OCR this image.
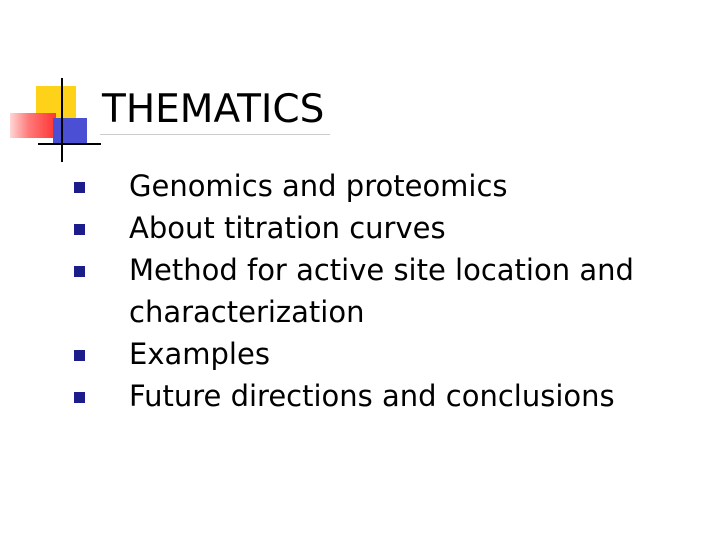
THEMATICS
Genomics and proteomics
About titration curves
Method for active site location and characterization
Examples
Future directions and conclusions
